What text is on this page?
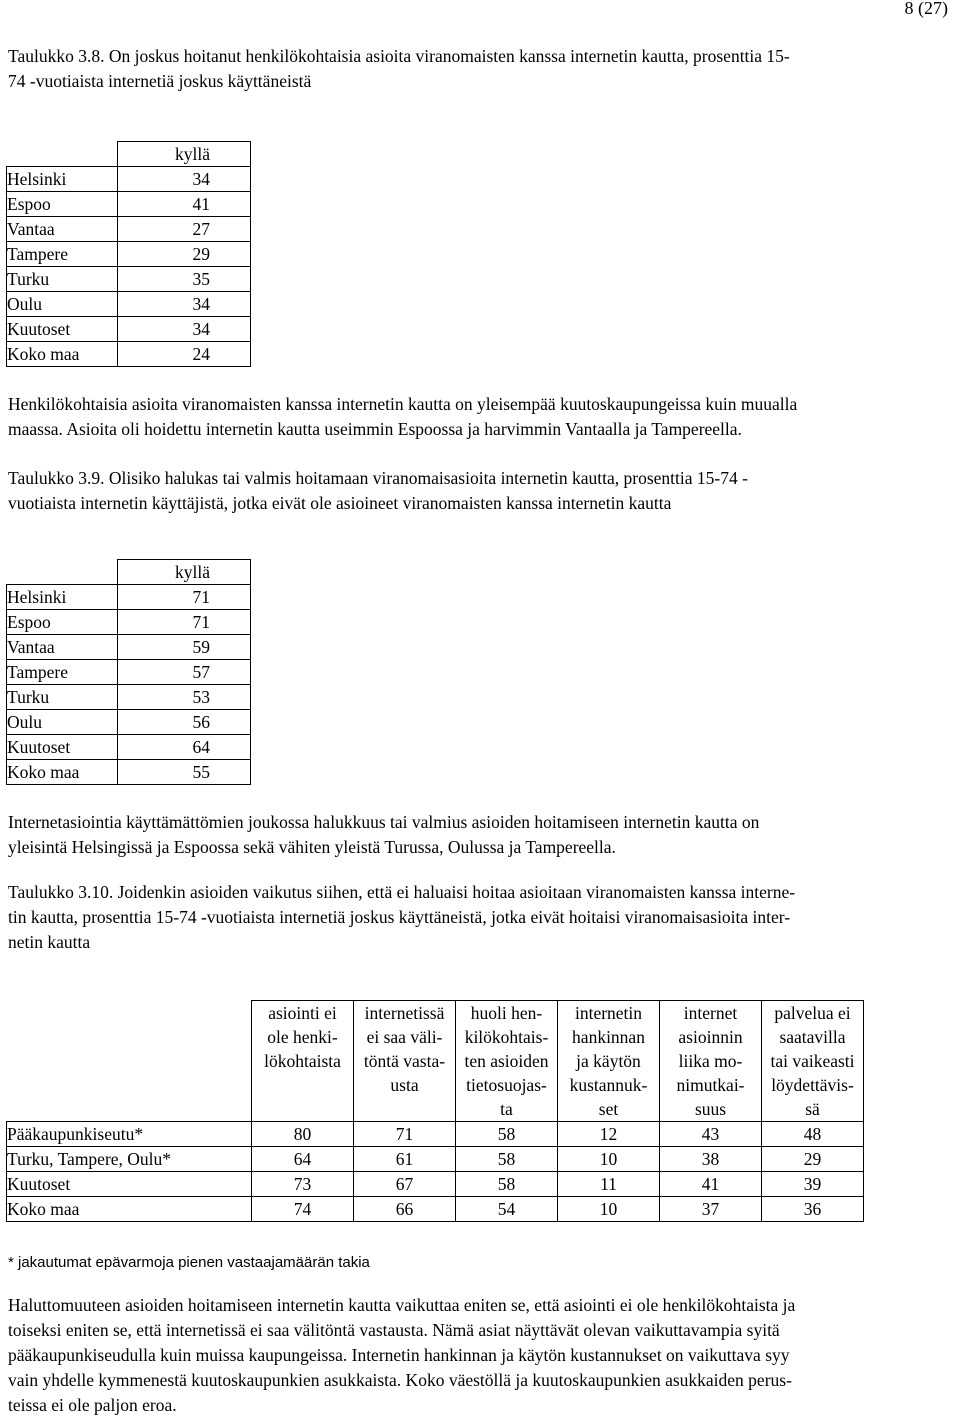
8 (27)
Taulukko 3.8. On joskus hoitanut henkilökohtaisia asioita viranomaisten kanssa internetin kautta, prosenttia 15-
74 -vuotiaista internetiä joskus käyttäneistä
	kyllä
Helsinki	34
Espoo	41
Vantaa	27
Tampere	29
Turku	35
Oulu	34
Kuutoset	34
Koko maa	24
Henkilökohtaisia asioita viranomaisten kanssa internetin kautta on yleisempää kuutoskaupungeissa kuin muualla
maassa. Asioita oli hoidettu internetin kautta useimmin Espoossa ja harvimmin Vantaalla ja Tampereella.
Taulukko 3.9. Olisiko halukas tai valmis hoitamaan viranomaisasioita internetin kautta, prosenttia 15-74 -
vuotiaista internetin käyttäjistä, jotka eivät ole asioineet viranomaisten kanssa internetin kautta
	kyllä
Helsinki	71
Espoo	71
Vantaa	59
Tampere	57
Turku	53
Oulu	56
Kuutoset	64
Koko maa	55
Internetasiointia käyttämättömien joukossa halukkuus tai valmius asioiden hoitamiseen internetin kautta on
yleisintä Helsingissä ja Espoossa sekä vähiten yleistä Turussa, Oulussa ja Tampereella.
Taulukko 3.10. Joidenkin asioiden vaikutus siihen, että ei haluaisi hoitaa asioitaan viranomaisten kanssa interne-
tin kautta, prosenttia 15-74 -vuotiaista internetiä joskus käyttäneistä, jotka eivät hoitaisi viranomaisasioita inter-
netin kautta

	asiointi ei
ole henki-
lökohtaista	internetissä
ei saa väli-
töntä vasta-
usta	huoli hen-
kilökohtais-
ten asioiden
tietosuojas-
ta	internetin
hankinnan
ja käytön
kustannuk-
set	internet
asioinnin
liika mo-
nimutkai-
suus	palvelua ei
saatavilla
tai vaikeasti
löydettävis-
sä

Pääkaupunkiseutu*	80	71	58	12	43	48
Turku, Tampere, Oulu*	64	61	58	10	38	29
Kuutoset	73	67	58	11	41	39
Koko maa	74	66	54	10	37	36
* jakautumat epävarmoja pienen vastaajamäärän takia
Haluttomuuteen asioiden hoitamiseen internetin kautta vaikuttaa eniten se, että asiointi ei ole henkilökohtaista ja
toiseksi eniten se, että internetissä ei saa välitöntä vastausta. Nämä asiat näyttävät olevan vaikuttavampia syitä
pääkaupunkiseudulla kuin muissa kaupungeissa. Internetin hankinnan ja käytön kustannukset on vaikuttava syy
vain yhdelle kymmenestä kuutoskaupunkien asukkaista. Koko väestöllä ja kuutoskaupunkien asukkaiden perus-
teissa ei ole paljon eroa.
